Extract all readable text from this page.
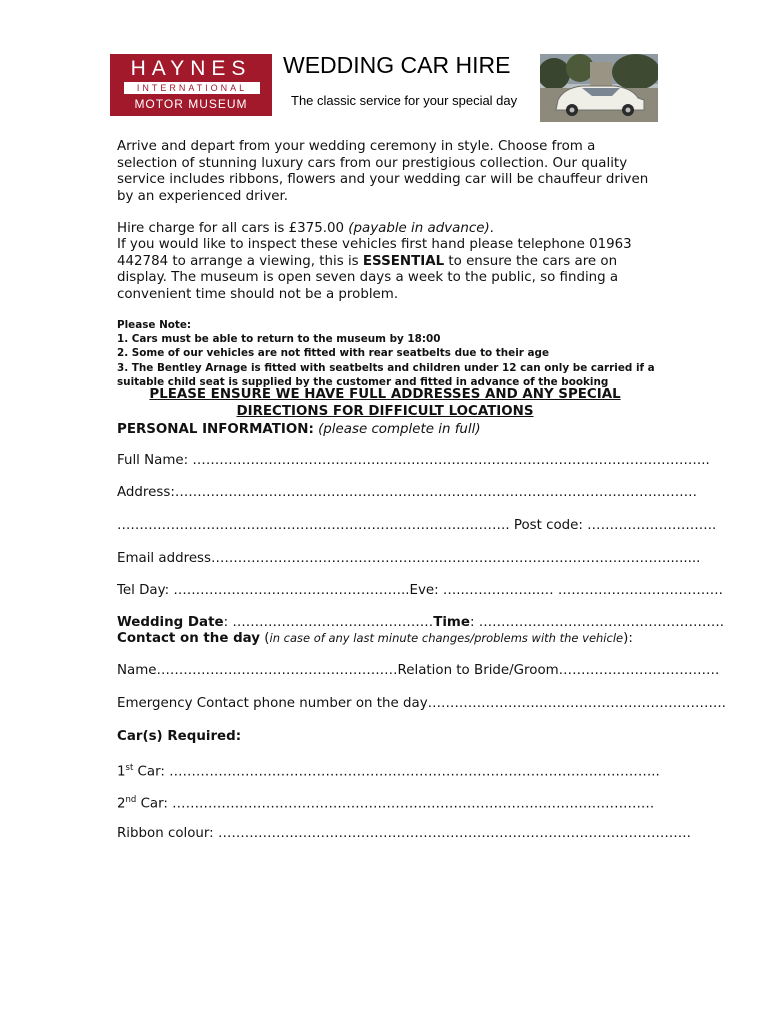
HAYNES
INTERNATIONAL
MOTOR MUSEUM
WEDDING CAR HIRE
The classic service for your special day

Arrive and depart from your wedding ceremony in style. Choose from a selection of stunning luxury cars from our prestigious collection. Our quality service includes ribbons, flowers and your wedding car will be chauffeur driven by an experienced driver.

Hire charge for all cars is £375.00 (payable in advance).

If you would like to inspect these vehicles first hand please telephone 01963 442784 to arrange a viewing, this is ESSENTIAL to ensure the cars are on display. The museum is open seven days a week to the public, so finding a convenient time should not be a problem.

Please Note:
1. Cars must be able to return to the museum by 18:00
2. Some of our vehicles are not fitted with rear seatbelts due to their age
3. The Bentley Arnage is fitted with seatbelts and children under 12 can only be carried if a suitable child seat is supplied by the customer and fitted in advance of the booking
PLEASE ENSURE WE HAVE FULL ADDRESSES AND ANY SPECIAL
DIRECTIONS FOR DIFFICULT LOCATIONS
PERSONAL INFORMATION: (please complete in full)
Full Name: ……………………………………………………………………………………………………..
Address:………………………………………………………………………………………………………
……………………………………………………………………………. Post code: ………………………..
Email address…………………………………………………………………………………………........
Tel Day: ……………………………………………..Eve: …..……………..… ……………………………….
Wedding Date: ………………………………………Time: ……………………………………………….
Contact on the day (in case of any last minute changes/problems with the vehicle):
Name………………………………………………Relation to Bride/Groom………………………………
Emergency Contact phone number on the day……………………..…………………………………..
Car(s) Required:
1st Car: ………………………………………………………………………………………………..
2nd Car: ………………………………………………………………………………………………
Ribbon colour: …………………………………………………………………………………………….
